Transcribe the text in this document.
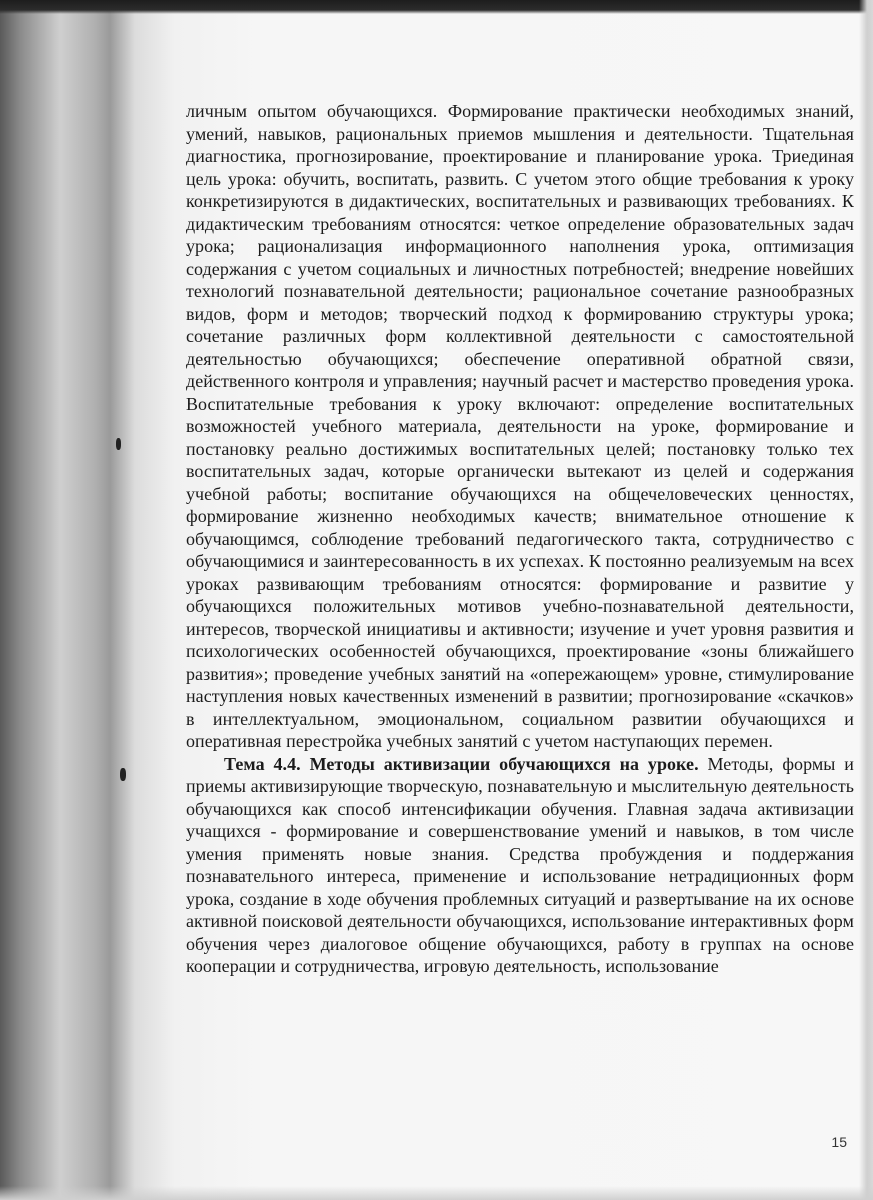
личным опытом обучающихся. Формирование практически необходимых знаний, умений, навыков, рациональных приемов мышления и деятельности. Тщательная диагностика, прогнозирование, проектирование и планирование урока. Триединая цель урока: обучить, воспитать, развить. С учетом этого общие требования к уроку конкретизируются в дидактических, воспитательных и развивающих требованиях. К дидактическим требованиям относятся: четкое определение образовательных задач урока; рационализация информационного наполнения урока, оптимизация содержания с учетом социальных и личностных потребностей; внедрение новейших технологий познавательной деятельности; рациональное сочетание разнообразных видов, форм и методов; творческий подход к формированию структуры урока; сочетание различных форм коллективной деятельности с самостоятельной деятельностью обучающихся; обеспечение оперативной обратной связи, действенного контроля и управления; научный расчет и мастерство проведения урока. Воспитательные требования к уроку включают: определение воспитательных возможностей учебного материала, деятельности на уроке, формирование и постановку реально достижимых воспитательных целей; постановку только тех воспитательных задач, которые органически вытекают из целей и содержания учебной работы; воспитание обучающихся на общечеловеческих ценностях, формирование жизненно необходимых качеств; внимательное отношение к обучающимся, соблюдение требований педагогического такта, сотрудничество с обучающимися и заинтересованность в их успехах. К постоянно реализуемым на всех уроках развивающим требованиям относятся: формирование и развитие у обучающихся положительных мотивов учебно-познавательной деятельности, интересов, творческой инициативы и активности; изучение и учет уровня развития и психологических особенностей обучающихся, проектирование «зоны ближайшего развития»; проведение учебных занятий на «опережающем» уровне, стимулирование наступления новых качественных изменений в развитии; прогнозирование «скачков» в интеллектуальном, эмоциональном, социальном развитии обучающихся и оперативная перестройка учебных занятий с учетом наступающих перемен.

Тема 4.4. Методы активизации обучающихся на уроке. Методы, формы и приемы активизирующие творческую, познавательную и мыслительную деятельность обучающихся как способ интенсификации обучения. Главная задача активизации учащихся - формирование и совершенствование умений и навыков, в том числе умения применять новые знания. Средства пробуждения и поддержания познавательного интереса, применение и использование нетрадиционных форм урока, создание в ходе обучения проблемных ситуаций и развертывание на их основе активной поисковой деятельности обучающихся, использование интерактивных форм обучения через диалоговое общение обучающихся, работу в группах на основе кооперации и сотрудничества, игровую деятельность, использование

15
